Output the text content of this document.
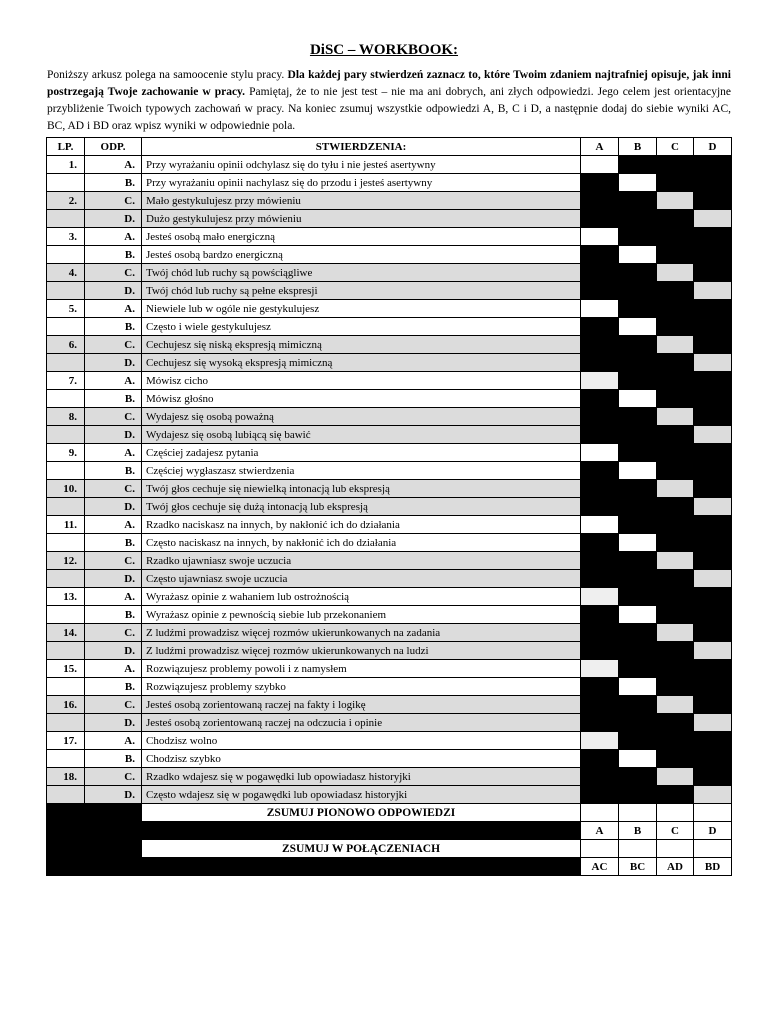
DiSC – WORKBOOK:
Poniższy arkusz polega na samoocenie stylu pracy. Dla każdej pary stwierdzeń zaznacz to, które Twoim zdaniem najtrafniej opisuje, jak inni postrzegają Twoje zachowanie w pracy. Pamiętaj, że to nie jest test – nie ma ani dobrych, ani złych odpowiedzi. Jego celem jest orientacyjne przybliżenie Twoich typowych zachowań w pracy. Na koniec zsumuj wszystkie odpowiedzi A, B, C i D, a następnie dodaj do siebie wyniki AC, BC, AD i BD oraz wpisz wyniki w odpowiednie pola.
LP.	ODP.	STWIERDZENIA:	A	B	C	D
1.	A.	Przy wyrażaniu opinii odchylasz się do tyłu i nie jesteś asertywny				
	B.	Przy wyrażaniu opinii nachylasz się do przodu i jesteś asertywny				
2.	C.	Mało gestykulujesz przy mówieniu				
	D.	Dużo gestykulujesz przy mówieniu				
3.	A.	Jesteś osobą mało energiczną				
	B.	Jesteś osobą bardzo energiczną				
4.	C.	Twój chód lub ruchy są powściągliwe				
	D.	Twój chód lub ruchy są pełne ekspresji				
5.	A.	Niewiele lub w ogóle nie gestykulujesz				
	B.	Często i wiele gestykulujesz				
6.	C.	Cechujesz się niską ekspresją mimiczną				
	D.	Cechujesz się wysoką ekspresją mimiczną				
7.	A.	Mówisz cicho				
	B.	Mówisz głośno				
8.	C.	Wydajesz się osobą poważną				
	D.	Wydajesz się osobą lubiącą się bawić				
9.	A.	Częściej zadajesz pytania				
	B.	Częściej wygłaszasz stwierdzenia				
10.	C.	Twój głos cechuje się niewielką intonacją lub ekspresją				
	D.	Twój głos cechuje się dużą intonacją lub ekspresją				
11.	A.	Rzadko naciskasz na innych, by nakłonić ich do działania				
	B.	Często naciskasz na innych, by nakłonić ich do działania				
12.	C.	Rzadko ujawniasz swoje uczucia				
	D.	Często ujawniasz swoje uczucia				
13.	A.	Wyrażasz opinie z wahaniem lub ostrożnością				
	B.	Wyrażasz opinie z pewnością siebie lub przekonaniem				
14.	C.	Z ludźmi prowadzisz więcej rozmów ukierunkowanych na zadania				
	D.	Z ludźmi prowadzisz więcej rozmów ukierunkowanych na ludzi				
15.	A.	Rozwiązujesz problemy powoli i z namysłem				
	B.	Rozwiązujesz problemy szybko				
16.	C.	Jesteś osobą zorientowaną raczej na fakty i logikę				
	D.	Jesteś osobą zorientowaną raczej na odczucia i opinie				
17.	A.	Chodzisz wolno				
	B.	Chodzisz szybko				
18.	C.	Rzadko wdajesz się w pogawędki lub opowiadasz historyjki				
	D.	Często wdajesz się w pogawędki lub opowiadasz historyjki				
		ZSUMUJ PIONOWO ODPOWIEDZI				
			A	B	C	D
		ZSUMUJ W POŁĄCZENIACH				
			AC	BC	AD	BD
